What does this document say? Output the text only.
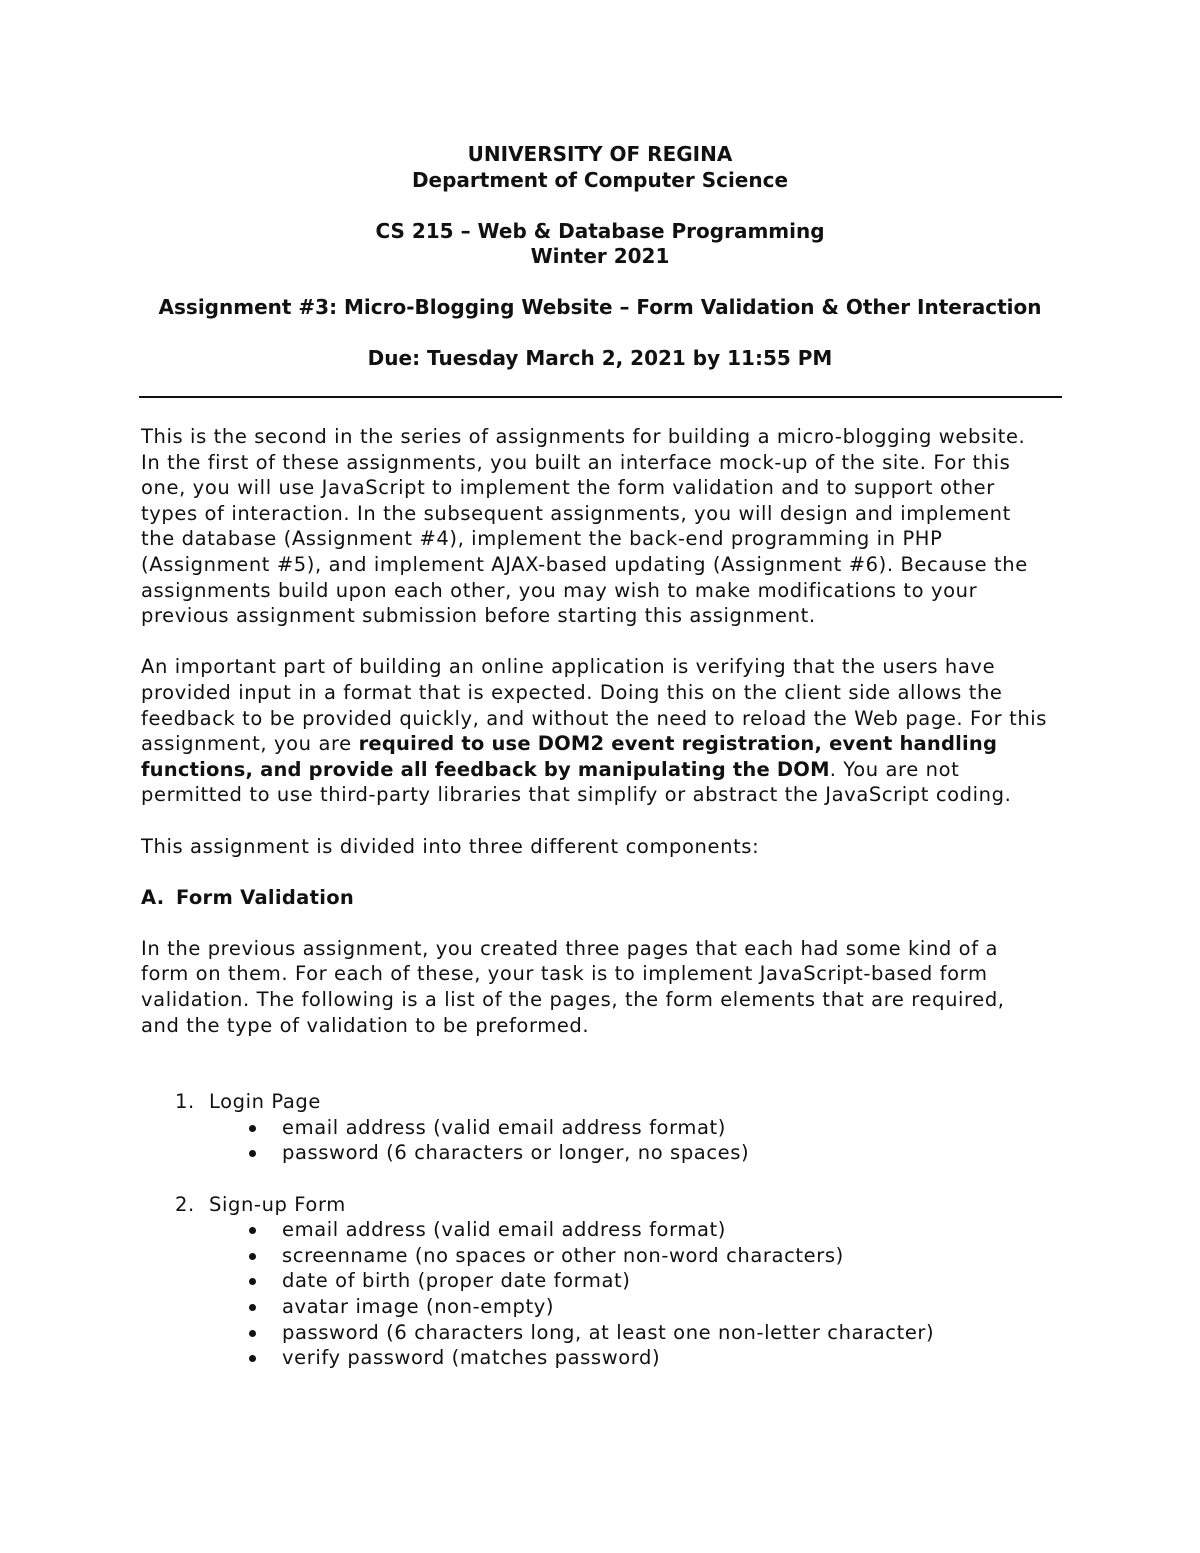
UNIVERSITY OF REGINA
Department of Computer Science
CS 215 – Web & Database Programming
Winter 2021
Assignment #3: Micro-Blogging Website – Form Validation & Other Interaction
Due: Tuesday March 2, 2021 by 11:55 PM

This is the second in the series of assignments for building a micro-blogging website.
In the first of these assignments, you built an interface mock-up of the site. For this
one, you will use JavaScript to implement the form validation and to support other
types of interaction. In the subsequent assignments, you will design and implement
the database (Assignment #4), implement the back-end programming in PHP
(Assignment #5), and implement AJAX-based updating (Assignment #6). Because the
assignments build upon each other, you may wish to make modifications to your
previous assignment submission before starting this assignment.

An important part of building an online application is verifying that the users have
provided input in a format that is expected. Doing this on the client side allows the
feedback to be provided quickly, and without the need to reload the Web page. For this
assignment, you are required to use DOM2 event registration, event handling
functions, and provide all feedback by manipulating the DOM. You are not
permitted to use third-party libraries that simplify or abstract the JavaScript coding.

This assignment is divided into three different components:

A. Form Validation

In the previous assignment, you created three pages that each had some kind of a
form on them. For each of these, your task is to implement JavaScript-based form
validation. The following is a list of the pages, the form elements that are required,
and the type of validation to be preformed.

1. Login Page
email address (valid email address format)
password (6 characters or longer, no spaces)
2. Sign-up Form
email address (valid email address format)
screenname (no spaces or other non-word characters)
date of birth (proper date format)
avatar image (non-empty)
password (6 characters long, at least one non-letter character)
verify password (matches password)
